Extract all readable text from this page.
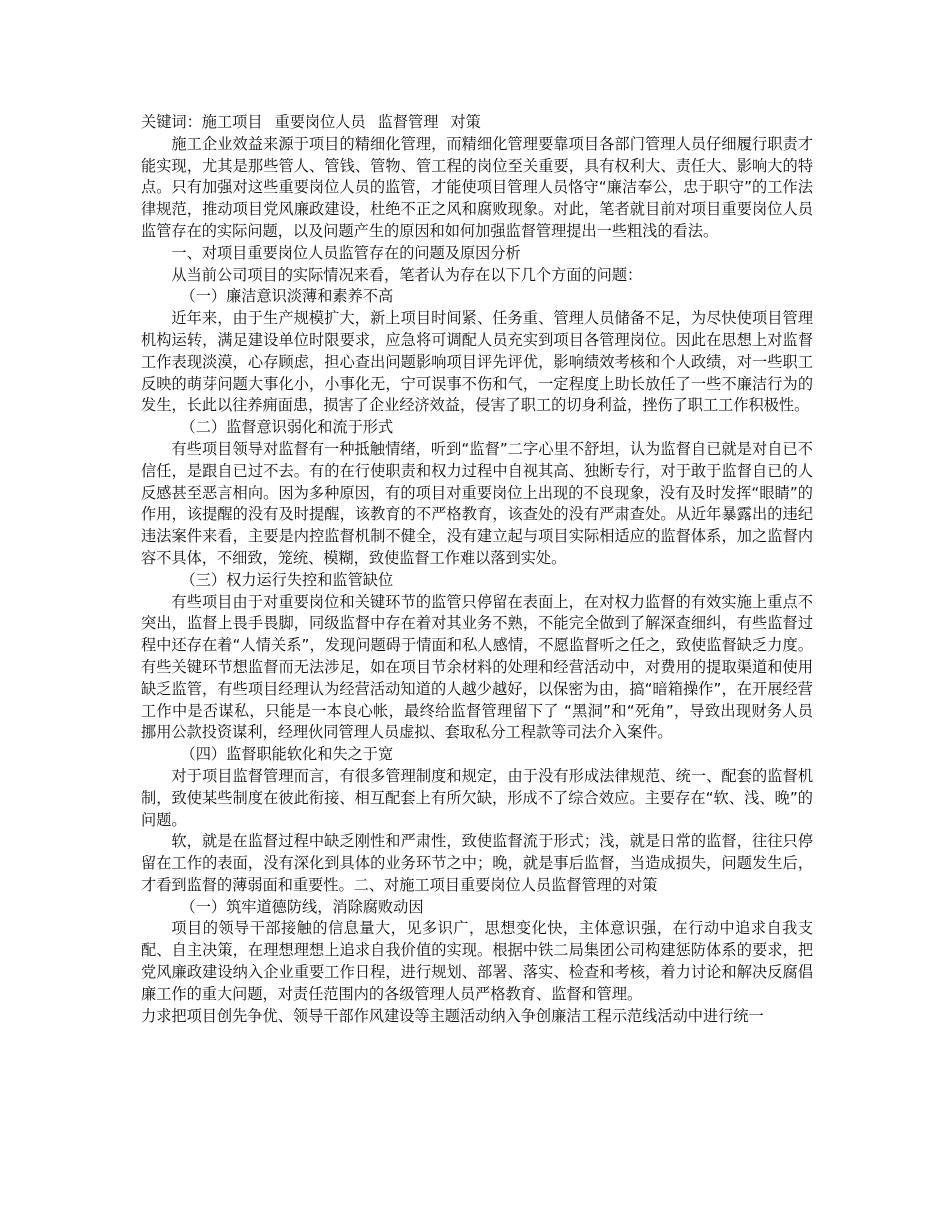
关键词：施工项目 重要岗位人员 监督管理 对策

施工企业效益来源于项目的精细化管理，而精细化管理要靠项目各部门管理人员仔细履行职责才能实现，尤其是那些管人、管钱、管物、管工程的岗位至关重要，具有权利大、责任大、影响大的特点。只有加强对这些重要岗位人员的监管，才能使项目管理人员恪守“廉洁奉公，忠于职守”的工作法律规范，推动项目党风廉政建设，杜绝不正之风和腐败现象。对此，笔者就目前对项目重要岗位人员监管存在的实际问题，以及问题产生的原因和如何加强监督管理提出一些粗浅的看法。

一、对项目重要岗位人员监管存在的问题及原因分析

从当前公司项目的实际情况来看，笔者认为存在以下几个方面的问题：

（一）廉洁意识淡薄和素养不高

近年来，由于生产规模扩大，新上项目时间紧、任务重、管理人员储备不足，为尽快使项目管理机构运转，满足建设单位时限要求，应急将可调配人员充实到项目各管理岗位。因此在思想上对监督工作表现淡漠，心存顾虑，担心查出问题影响项目评先评优，影响绩效考核和个人政绩，对一些职工反映的萌芽问题大事化小，小事化无，宁可误事不伤和气，一定程度上助长放任了一些不廉洁行为的发生，长此以往养痈面患，损害了企业经济效益，侵害了职工的切身利益，挫伤了职工工作积极性。

（二）监督意识弱化和流于形式

有些项目领导对监督有一种抵触情绪，听到“监督”二字心里不舒坦，认为监督自已就是对自已不信任，是跟自已过不去。有的在行使职责和权力过程中自视其高、独断专行，对于敢于监督自已的人反感甚至恶言相向。因为多种原因，有的项目对重要岗位上出现的不良现象，没有及时发挥“眼睛”的作用，该提醒的没有及时提醒，该教育的不严格教育，该查处的没有严肃查处。从近年暴露出的违纪违法案件来看，主要是内控监督机制不健全，没有建立起与项目实际相适应的监督体系，加之监督内容不具体，不细致，笼统、模糊，致使监督工作难以落到实处。

（三）权力运行失控和监管缺位

有些项目由于对重要岗位和关键环节的监管只停留在表面上，在对权力监督的有效实施上重点不突出，监督上畏手畏脚，同级监督中存在着对其业务不熟，不能完全做到了解深查细纠，有些监督过程中还存在着“人情关系”，发现问题碍于情面和私人感情，不愿监督听之任之，致使监督缺乏力度。有些关键环节想监督而无法涉足，如在项目节余材料的处理和经营活动中，对费用的提取渠道和使用缺乏监管，有些项目经理认为经营活动知道的人越少越好，以保密为由，搞“暗箱操作”，在开展经营工作中是否谋私，只能是一本良心帐，最终给监督管理留下了 “黑洞”和“死角”，导致出现财务人员挪用公款投资谋利，经理伙同管理人员虚拟、套取私分工程款等司法介入案件。

（四）监督职能软化和失之于宽

对于项目监督管理而言，有很多管理制度和规定，由于没有形成法律规范、统一、配套的监督机制，致使某些制度在彼此衔接、相互配套上有所欠缺，形成不了综合效应。主要存在“软、浅、晚”的问题。

软，就是在监督过程中缺乏刚性和严肃性，致使监督流于形式；浅，就是日常的监督，往往只停留在工作的表面，没有深化到具体的业务环节之中；晚，就是事后监督，当造成损失，问题发生后，才看到监督的薄弱面和重要性。二、对施工项目重要岗位人员监督管理的对策

（一）筑牢道德防线，消除腐败动因

项目的领导干部接触的信息量大，见多识广，思想变化快，主体意识强，在行动中追求自我支配、自主决策，在理想理想上追求自我价值的实现。根据中铁二局集团公司构建惩防体系的要求，把党风廉政建设纳入企业重要工作日程，进行规划、部署、落实、检查和考核，着力讨论和解决反腐倡廉工作的重大问题，对责任范围内的各级管理人员严格教育、监督和管理。

力求把项目创先争优、领导干部作风建设等主题活动纳入争创廉洁工程示范线活动中进行统一
